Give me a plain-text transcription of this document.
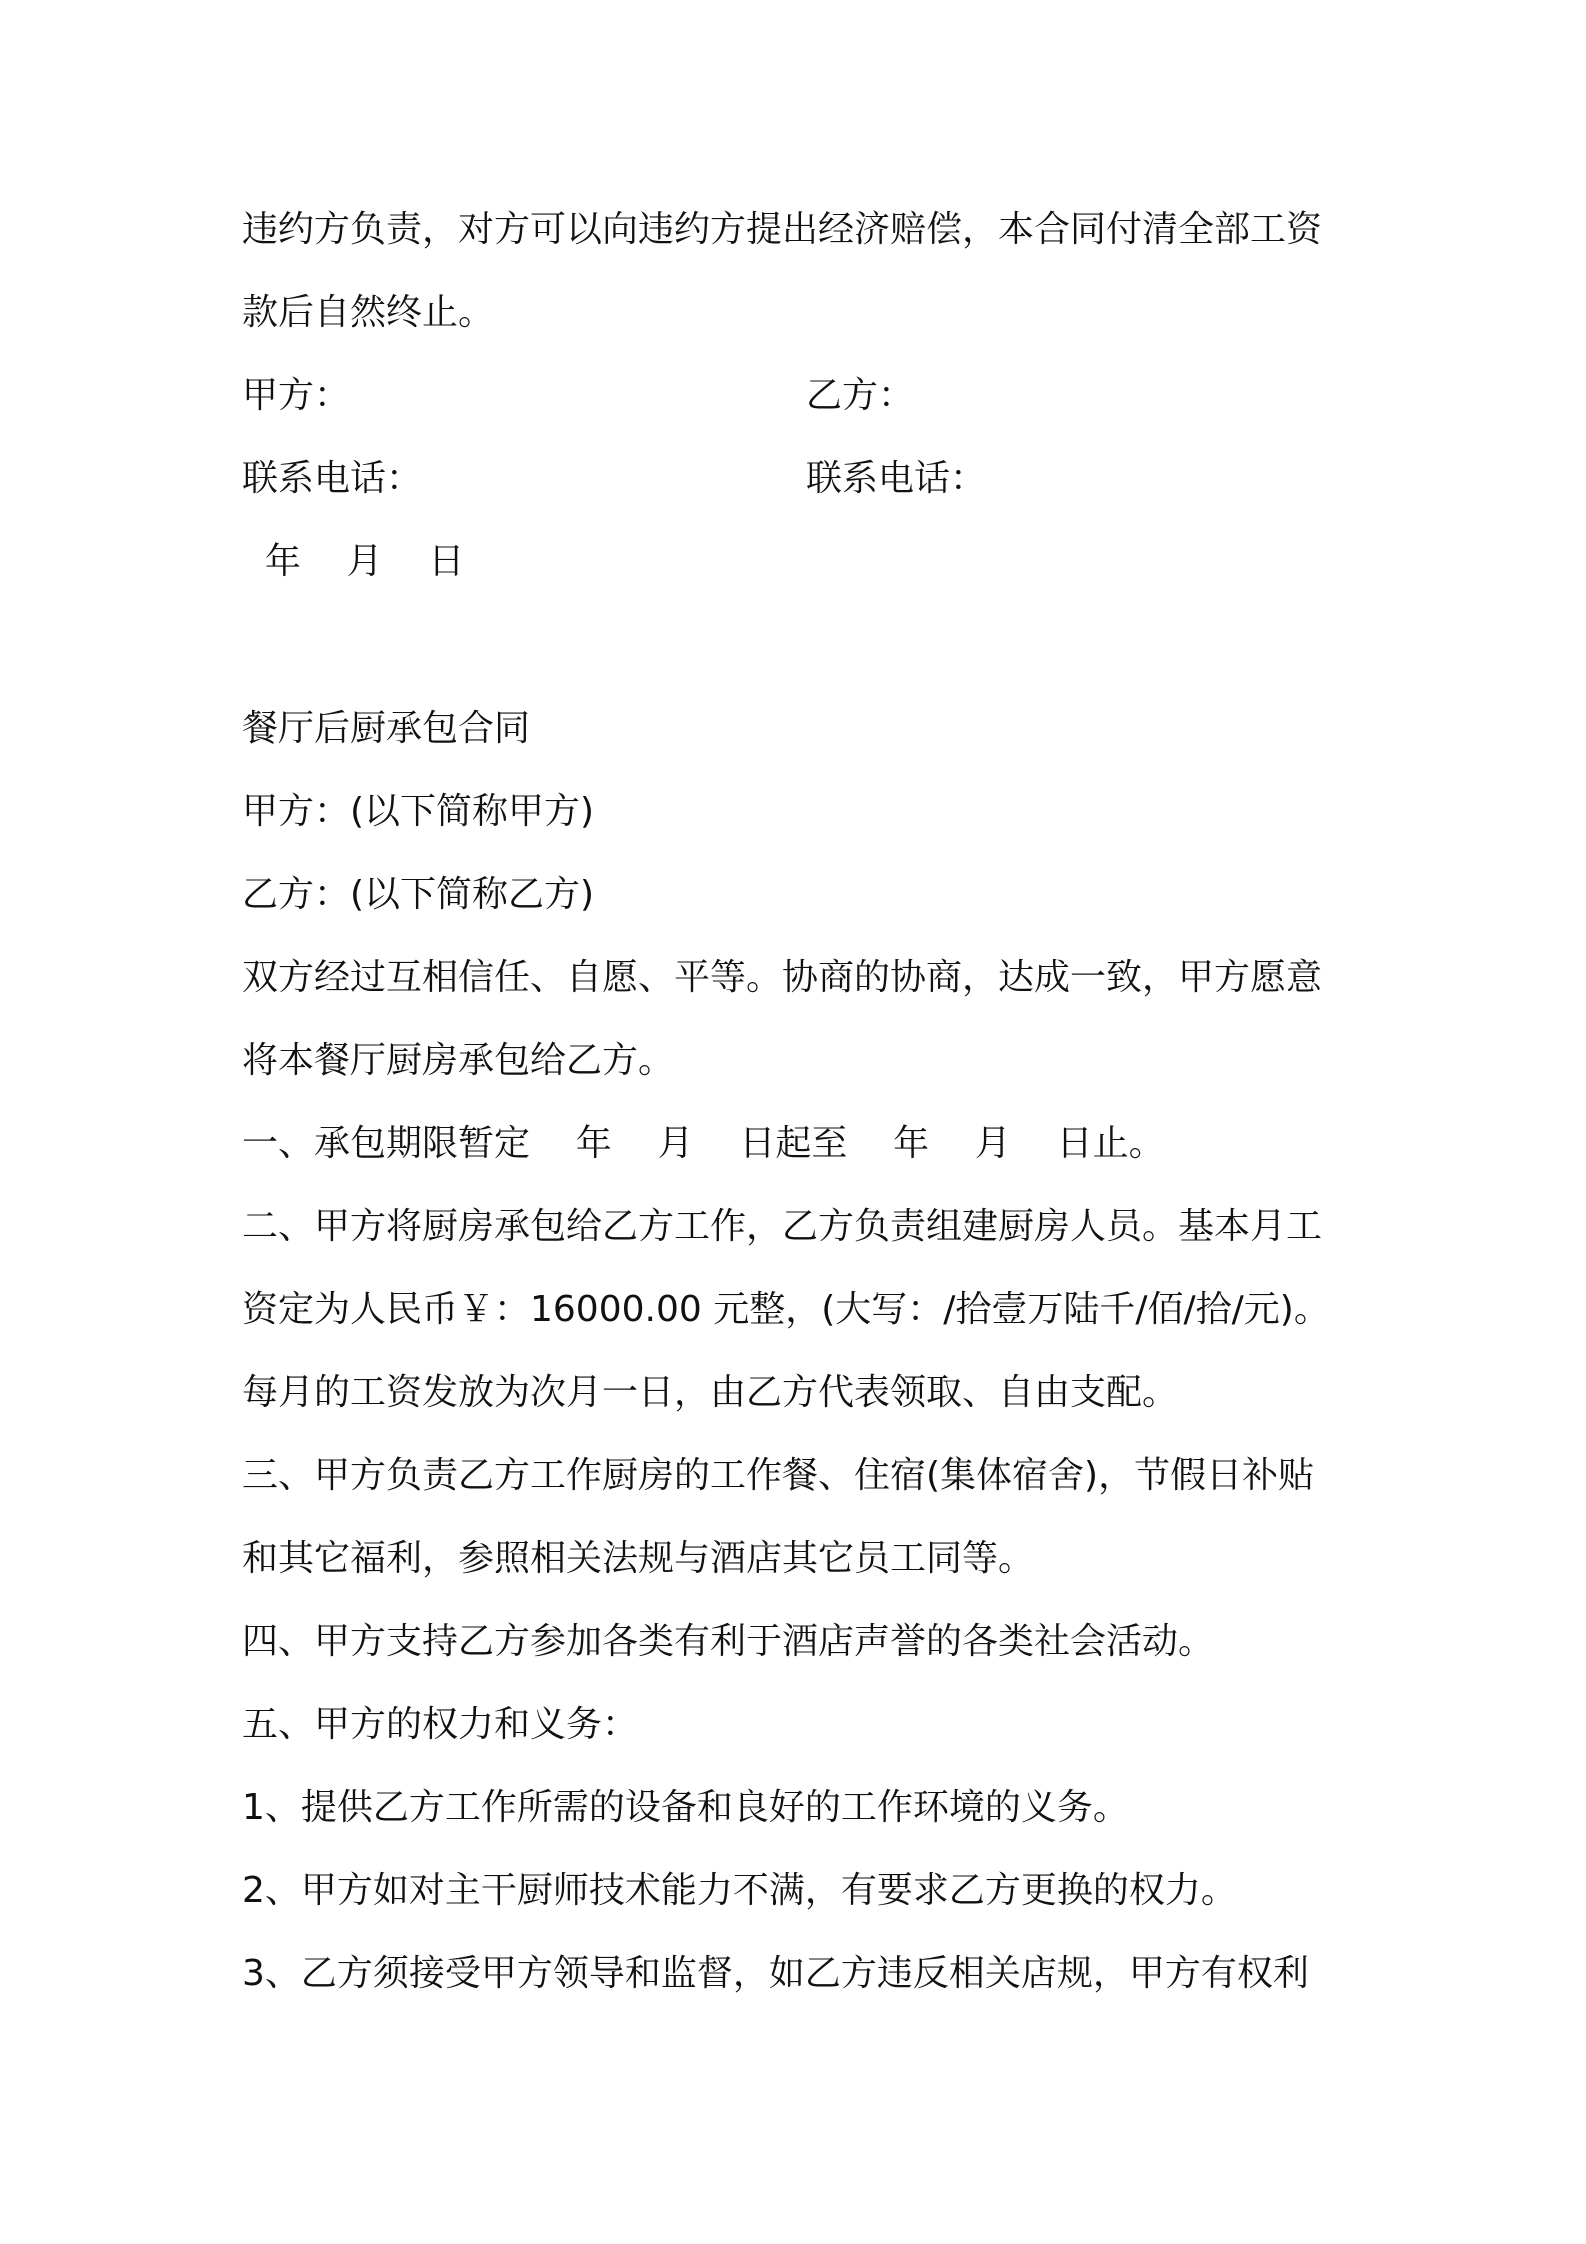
违约方负责，对方可以向违约方提出经济赔偿，本合同付清全部工资
款后自然终止。
甲方：	乙方：
联系电话：	联系电话：
年    月    日
餐厅后厨承包合同
甲方：(以下简称甲方)
乙方：(以下简称乙方)
双方经过互相信任、自愿、平等。协商的协商，达成一致，甲方愿意
将本餐厅厨房承包给乙方。
一、承包期限暂定    年    月    日起至    年    月    日止。
二、甲方将厨房承包给乙方工作，乙方负责组建厨房人员。基本月工
资定为人民币￥：16000.00 元整，(大写：/拾壹万陆千/佰/拾/元)。
每月的工资发放为次月一日，由乙方代表领取、自由支配。
三、甲方负责乙方工作厨房的工作餐、住宿(集体宿舍)，节假日补贴
和其它福利，参照相关法规与酒店其它员工同等。
四、甲方支持乙方参加各类有利于酒店声誉的各类社会活动。
五、甲方的权力和义务：
1、提供乙方工作所需的设备和良好的工作环境的义务。
2、甲方如对主干厨师技术能力不满，有要求乙方更换的权力。
3、乙方须接受甲方领导和监督，如乙方违反相关店规，甲方有权利
